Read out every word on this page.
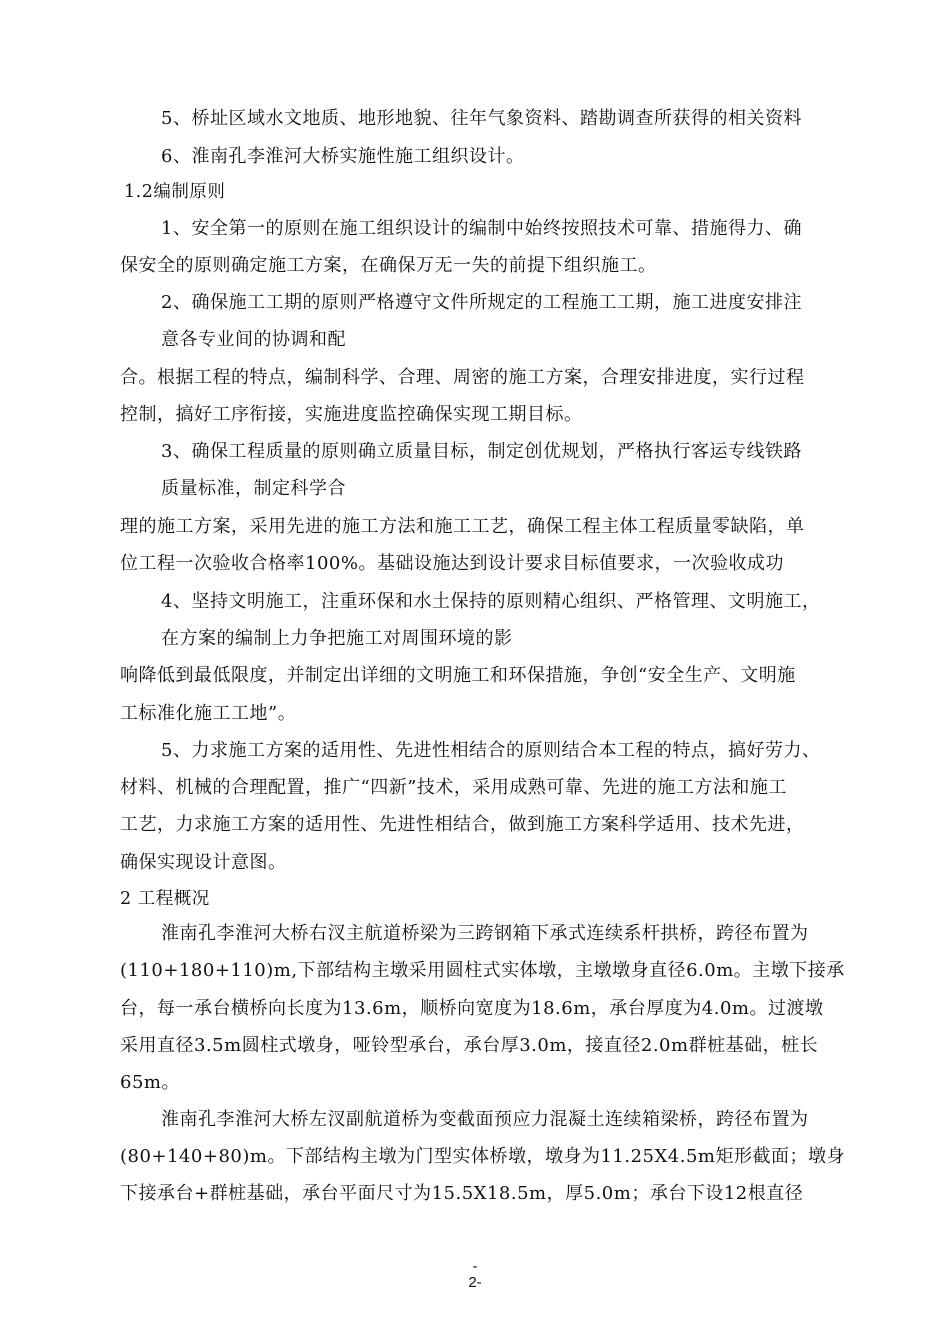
5、桥址区域水文地质、地形地貌、往年气象资料、踏勘调查所获得的相关资料
6、淮南孔李淮河大桥实施性施工组织设计。
1.2编制原则
1、安全第一的原则在施工组织设计的编制中始终按照技术可靠、措施得力、确
保安全的原则确定施工方案，在确保万无一失的前提下组织施工。
2、确保施工工期的原则严格遵守文件所规定的工程施工工期，施工进度安排注
意各专业间的协调和配
合。根据工程的特点，编制科学、合理、周密的施工方案，合理安排进度，实行过程
控制，搞好工序衔接，实施进度监控确保实现工期目标。
3、确保工程质量的原则确立质量目标，制定创优规划，严格执行客运专线铁路
质量标准，制定科学合
理的施工方案，采用先进的施工方法和施工工艺，确保工程主体工程质量零缺陷，单
位工程一次验收合格率100%。基础设施达到设计要求目标值要求，一次验收成功
4、坚持文明施工，注重环保和水土保持的原则精心组织、严格管理、文明施工，
在方案的编制上力争把施工对周围环境的影
响降低到最低限度，并制定出详细的文明施工和环保措施，争创“安全生产、文明施
工标准化施工工地”。
5、力求施工方案的适用性、先进性相结合的原则结合本工程的特点，搞好劳力、
材料、机械的合理配置，推广“四新”技术，采用成熟可靠、先进的施工方法和施工
工艺，力求施工方案的适用性、先进性相结合，做到施工方案科学适用、技术先进，
确保实现设计意图。
2 工程概况
淮南孔李淮河大桥右汊主航道桥梁为三跨钢箱下承式连续系杆拱桥，跨径布置为
(110+180+110)m,下部结构主墩采用圆柱式实体墩，主墩墩身直径6.0m。主墩下接承
台，每一承台横桥向长度为13.6m，顺桥向宽度为18.6m，承台厚度为4.0m。过渡墩
采用直径3.5m圆柱式墩身，哑铃型承台，承台厚3.0m，接直径2.0m群桩基础，桩长
65m。
淮南孔李淮河大桥左汊副航道桥为变截面预应力混凝土连续箱梁桥，跨径布置为
(80+140+80)m。下部结构主墩为门型实体桥墩，墩身为11.25X4.5m矩形截面；墩身
下接承台+群桩基础，承台平面尺寸为15.5X18.5m，厚5.0m；承台下设12根直径
-
2-
